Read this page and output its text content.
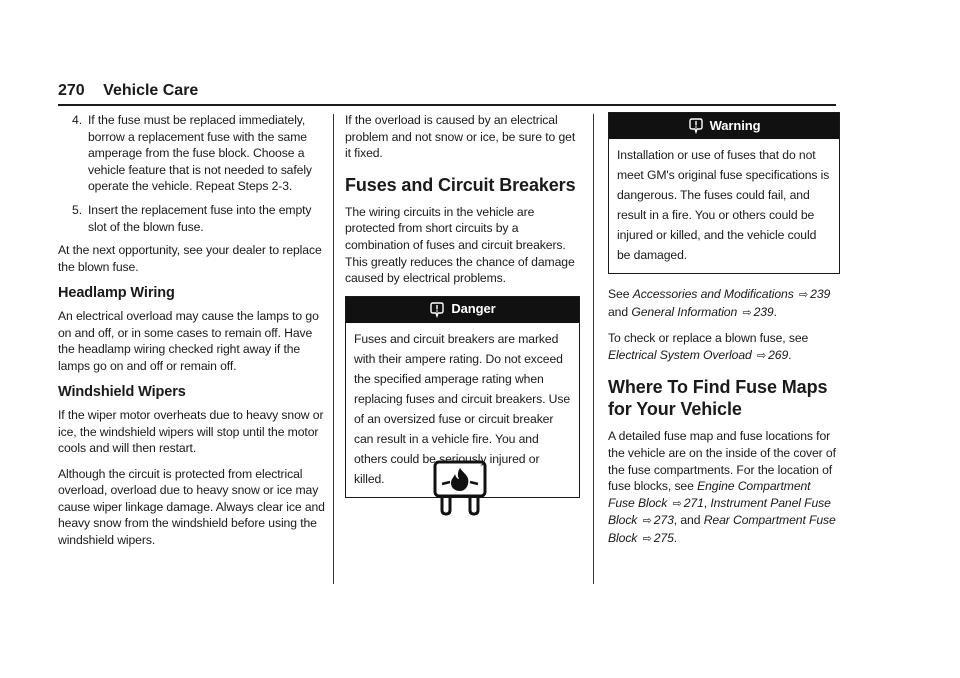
270 Vehicle Care
4. If the fuse must be replaced immediately, borrow a replacement fuse with the same amperage from the fuse block. Choose a vehicle feature that is not needed to safely operate the vehicle. Repeat Steps 2-3.
5. Insert the replacement fuse into the empty slot of the blown fuse.

At the next opportunity, see your dealer to replace the blown fuse.

Headlamp Wiring

An electrical overload may cause the lamps to go on and off, or in some cases to remain off. Have the headlamp wiring checked right away if the lamps go on and off or remain off.

Windshield Wipers

If the wiper motor overheats due to heavy snow or ice, the windshield wipers will stop until the motor cools and will then restart.

Although the circuit is protected from electrical overload, overload due to heavy snow or ice may cause wiper linkage damage. Always clear ice and heavy snow from the windshield before using the windshield wipers.

If the overload is caused by an electrical problem and not snow or ice, be sure to get it fixed.

Fuses and Circuit Breakers

The wiring circuits in the vehicle are protected from short circuits by a combination of fuses and circuit breakers. This greatly reduces the chance of damage caused by electrical problems.

Danger
Fuses and circuit breakers are marked with their ampere rating. Do not exceed the specified amperage rating when replacing fuses and circuit breakers. Use of an oversized fuse or circuit breaker can result in a vehicle fire. You and others could be seriously injured or killed.
Warning
Installation or use of fuses that do not meet GM's original fuse specifications is dangerous. The fuses could fail, and result in a fire. You or others could be injured or killed, and the vehicle could be damaged.

See Accessories and Modifications ⇨ 239 and General Information ⇨ 239.

To check or replace a blown fuse, see Electrical System Overload ⇨ 269.

Where To Find Fuse Maps for Your Vehicle

A detailed fuse map and fuse locations for the vehicle are on the inside of the cover of the fuse compartments. For the location of fuse blocks, see Engine Compartment Fuse Block ⇨ 271, Instrument Panel Fuse Block ⇨ 273, and Rear Compartment Fuse Block ⇨ 275.
